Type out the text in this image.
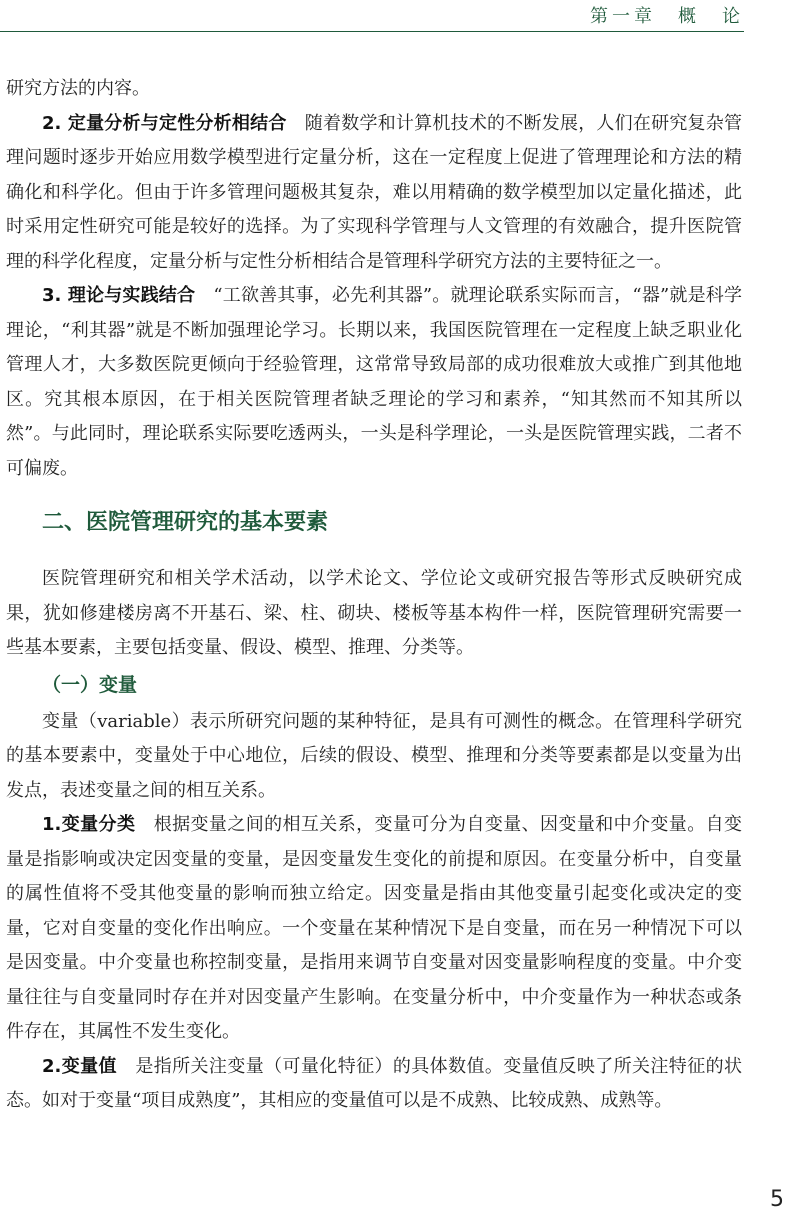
第一章　概　论

研究方法的内容。

2. 定量分析与定性分析相结合　随着数学和计算机技术的不断发展，人们在研究复杂管理问题时逐步开始应用数学模型进行定量分析，这在一定程度上促进了管理理论和方法的精确化和科学化。但由于许多管理问题极其复杂，难以用精确的数学模型加以定量化描述，此时采用定性研究可能是较好的选择。为了实现科学管理与人文管理的有效融合，提升医院管理的科学化程度，定量分析与定性分析相结合是管理科学研究方法的主要特征之一。

3. 理论与实践结合　“工欲善其事，必先利其器”。就理论联系实际而言，“器”就是科学理论，“利其器”就是不断加强理论学习。长期以来，我国医院管理在一定程度上缺乏职业化管理人才，大多数医院更倾向于经验管理，这常常导致局部的成功很难放大或推广到其他地区。究其根本原因，在于相关医院管理者缺乏理论的学习和素养，“知其然而不知其所以然”。与此同时，理论联系实际要吃透两头，一头是科学理论，一头是医院管理实践，二者不可偏废。

二、医院管理研究的基本要素

医院管理研究和相关学术活动，以学术论文、学位论文或研究报告等形式反映研究成果，犹如修建楼房离不开基石、梁、柱、砌块、楼板等基本构件一样，医院管理研究需要一些基本要素，主要包括变量、假设、模型、推理、分类等。

（一）变量

变量（variable）表示所研究问题的某种特征，是具有可测性的概念。在管理科学研究的基本要素中，变量处于中心地位，后续的假设、模型、推理和分类等要素都是以变量为出发点，表述变量之间的相互关系。

1.变量分类　根据变量之间的相互关系，变量可分为自变量、因变量和中介变量。自变量是指影响或决定因变量的变量，是因变量发生变化的前提和原因。在变量分析中，自变量的属性值将不受其他变量的影响而独立给定。因变量是指由其他变量引起变化或决定的变量，它对自变量的变化作出响应。一个变量在某种情况下是自变量，而在另一种情况下可以是因变量。中介变量也称控制变量，是指用来调节自变量对因变量影响程度的变量。中介变量往往与自变量同时存在并对因变量产生影响。在变量分析中，中介变量作为一种状态或条件存在，其属性不发生变化。

2.变量值　是指所关注变量（可量化特征）的具体数值。变量值反映了所关注特征的状态。如对于变量“项目成熟度”，其相应的变量值可以是不成熟、比较成熟、成熟等。

5
